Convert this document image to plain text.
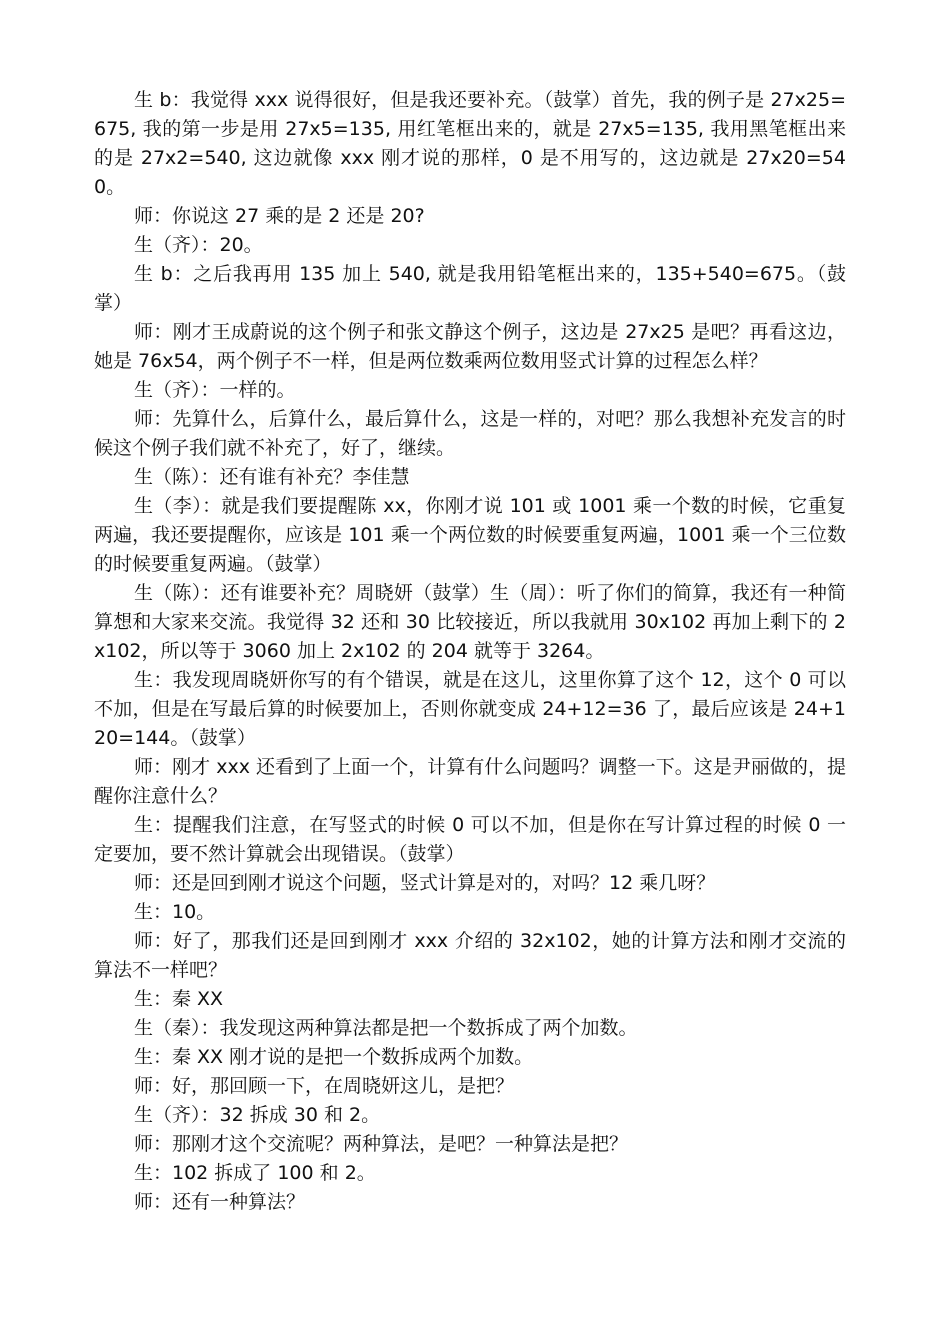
生 b：我觉得 xxx 说得很好，但是我还要补充。（鼓掌）首先，我的例子是 27x25=675, 我的第一步是用 27x5=135, 用红笔框出来的，就是 27x5=135, 我用黑笔框出来的是 27x2=540, 这边就像 xxx 刚才说的那样，0 是不用写的，这边就是 27x20=540。

师：你说这 27 乘的是 2 还是 20?

生（齐）：20。

生 b：之后我再用 135 加上 540, 就是我用铅笔框出来的，135+540=675。（鼓掌）

师：刚才王成蔚说的这个例子和张文静这个例子，这边是 27x25 是吧？再看这边，她是 76x54，两个例子不一样，但是两位数乘两位数用竖式计算的过程怎么样？

生（齐）：一样的。

师：先算什么，后算什么，最后算什么，这是一样的，对吧？那么我想补充发言的时候这个例子我们就不补充了，好了，继续。

生（陈）：还有谁有补充？李佳慧

生（李）：就是我们要提醒陈 xx，你刚才说 101 或 1001 乘一个数的时候，它重复两遍，我还要提醒你，应该是 101 乘一个两位数的时候要重复两遍，1001 乘一个三位数的时候要重复两遍。（鼓掌）

生（陈）：还有谁要补充？周晓妍（鼓掌）生（周）：听了你们的简算，我还有一种简算想和大家来交流。我觉得 32 还和 30 比较接近，所以我就用 30x102 再加上剩下的 2x102，所以等于 3060 加上 2x102 的 204 就等于 3264。

生：我发现周晓妍你写的有个错误，就是在这儿，这里你算了这个 12，这个 0 可以不加，但是在写最后算的时候要加上，否则你就变成 24+12=36 了，最后应该是 24+120=144。（鼓掌）

师：刚才 xxx 还看到了上面一个，计算有什么问题吗？调整一下。这是尹丽做的，提醒你注意什么？

生：提醒我们注意，在写竖式的时候 0 可以不加，但是你在写计算过程的时候 0 一定要加，要不然计算就会出现错误。（鼓掌）

师：还是回到刚才说这个问题，竖式计算是对的，对吗？12 乘几呀？

生：10。

师：好了，那我们还是回到刚才 xxx 介绍的 32x102，她的计算方法和刚才交流的算法不一样吧？

生：秦 XX

生（秦）：我发现这两种算法都是把一个数拆成了两个加数。

生：秦 XX 刚才说的是把一个数拆成两个加数。

师：好，那回顾一下，在周晓妍这儿，是把？

生（齐）：32 拆成 30 和 2。

师：那刚才这个交流呢？两种算法，是吧？一种算法是把？

生：102 拆成了 100 和 2。

师：还有一种算法？
